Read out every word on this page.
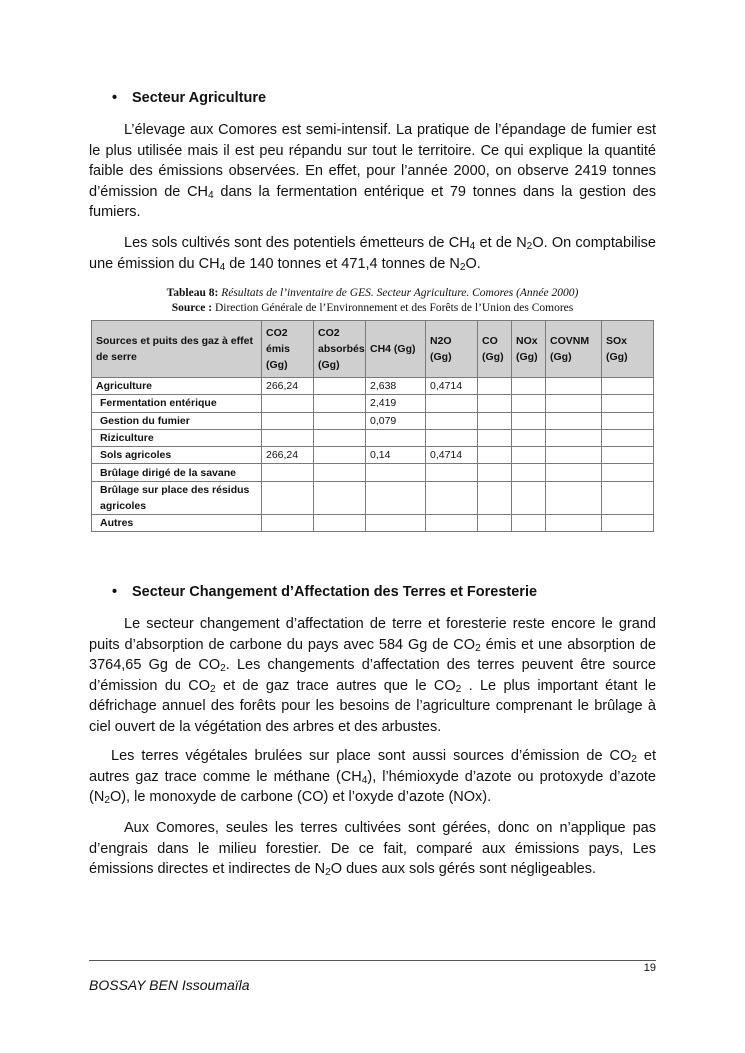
• Secteur Agriculture
L’élevage aux Comores est semi-intensif. La pratique de l’épandage de fumier est le plus utilisée mais il est peu répandu sur tout le territoire. Ce qui explique la quantité faible des émissions observées. En effet, pour l’année 2000, on observe 2419 tonnes d’émission de $CH_4$ dans la fermentation entérique et 79 tonnes dans la gestion des fumiers.
Les sols cultivés sont des potentiels émetteurs de $CH_4$ et de $N_2O$. On comptabilise une émission du $CH_4$ de 140 tonnes et 471,4 tonnes de $N_2O$.
Tableau 8: Résultats de l’inventaire de GES. Secteur Agriculture. Comores (Année 2000)
Source : Direction Générale de l’Environnement et des Forêts de l’Union des Comores
Sources et puits des gaz à effet de serre	CO2 émis (Gg)	CO2 absorbés (Gg)	CH4 (Gg)	N2O (Gg)	CO (Gg)	NOx (Gg)	COVNM (Gg)	SOx (Gg)
Agriculture	266,24		2,638	0,4714				
Fermentation entérique			2,419					
Gestion du fumier			0,079					
Riziculture								
Sols agricoles	266,24		0,14	0,4714				
Brûlage dirigé de la savane								
Brûlage sur place des résidus agricoles								
Autres								
• Secteur Changement d’Affectation des Terres et Foresterie
Le secteur changement d’affectation de terre et foresterie reste encore le grand puits d’absorption de carbone du pays avec 584 Gg de $CO_2$ émis et une absorption de 3764,65 Gg de $CO_2$. Les changements d’affectation des terres peuvent être source d’émission du $CO_2$ et de gaz trace autres que le $CO_2$ . Le plus important étant le défrichage annuel des forêts pour les besoins de l’agriculture comprenant le brûlage à ciel ouvert de la végétation des arbres et des arbustes.
Les terres végétales brulées sur place sont aussi sources d’émission de $CO_2$ et autres gaz trace comme le méthane $(CH_4)$, l’hémioxyde d’azote ou protoxyde d’azote $(N_2O)$, le monoxyde de carbone (CO) et l’oxyde d’azote (NOx).
Aux Comores, seules les terres cultivées sont gérées, donc on n’applique pas d’engrais dans le milieu forestier. De ce fait, comparé aux émissions pays, Les émissions directes et indirectes de $N_2O$ dues aux sols gérés sont négligeables.
19
BOSSAY BEN Issoumaïla
